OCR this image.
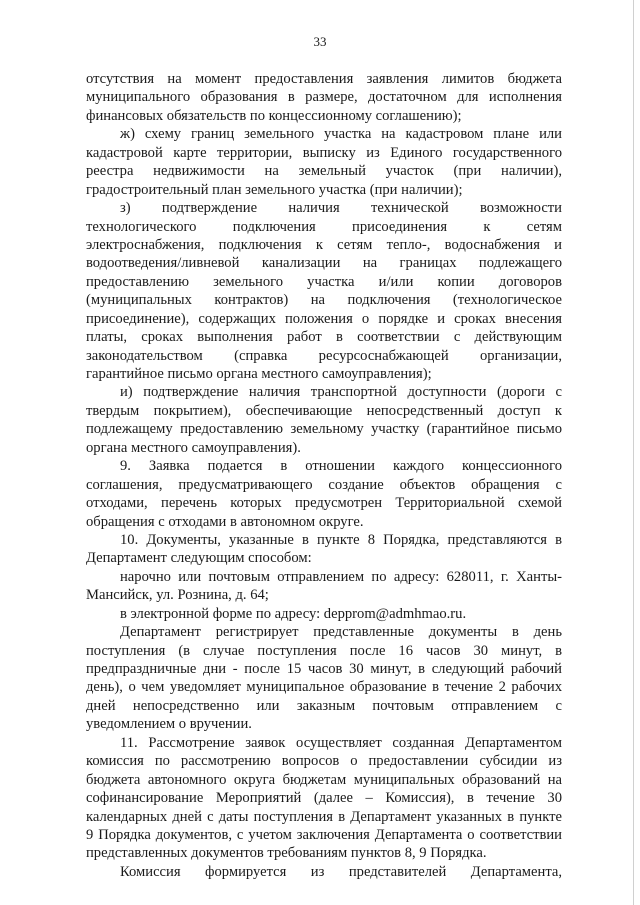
33
отсутствия на момент предоставления заявления лимитов бюджета
муниципального образования в размере, достаточном для исполнения
финансовых обязательств по концессионному соглашению);
ж) схему границ земельного участка на кадастровом плане или
кадастровой карте территории, выписку из Единого государственного
реестра недвижимости на земельный участок (при наличии),
градостроительный план земельного участка (при наличии);
з) подтверждение наличия технической возможности
технологического подключения присоединения к сетям
электроснабжения, подключения к сетям тепло-, водоснабжения и
водоотведения/ливневой канализации на границах подлежащего
предоставлению земельного участка и/или копии договоров
(муниципальных контрактов) на подключения (технологическое
присоединение), содержащих положения о порядке и сроках внесения
платы, сроках выполнения работ в соответствии с действующим
законодательством (справка ресурсоснабжающей организации,
гарантийное письмо органа местного самоуправления);
и) подтверждение наличия транспортной доступности (дороги с
твердым покрытием), обеспечивающие непосредственный доступ к
подлежащему предоставлению земельному участку (гарантийное письмо
органа местного самоуправления).
9. Заявка подается в отношении каждого концессионного
соглашения, предусматривающего создание объектов обращения с
отходами, перечень которых предусмотрен Территориальной схемой
обращения с отходами в автономном округе.
10. Документы, указанные в пункте 8 Порядка, представляются в
Департамент следующим способом:
нарочно или почтовым отправлением по адресу: 628011, г. Ханты-
Мансийск, ул. Рознина, д. 64;
в электронной форме по адресу: depprom@admhmao.ru.
Департамент регистрирует представленные документы в день
поступления (в случае поступления после 16 часов 30 минут, в
предпраздничные дни - после 15 часов 30 минут, в следующий рабочий
день), о чем уведомляет муниципальное образование в течение 2 рабочих
дней непосредственно или заказным почтовым отправлением с
уведомлением о вручении.
11. Рассмотрение заявок осуществляет созданная Департаментом
комиссия по рассмотрению вопросов о предоставлении субсидии из
бюджета автономного округа бюджетам муниципальных образований на
софинансирование Мероприятий (далее – Комиссия), в течение 30
календарных дней с даты поступления в Департамент указанных в пункте
9 Порядка документов, с учетом заключения Департамента о соответствии
представленных документов требованиям пунктов 8, 9 Порядка.
Комиссия формируется из представителей Департамента,
